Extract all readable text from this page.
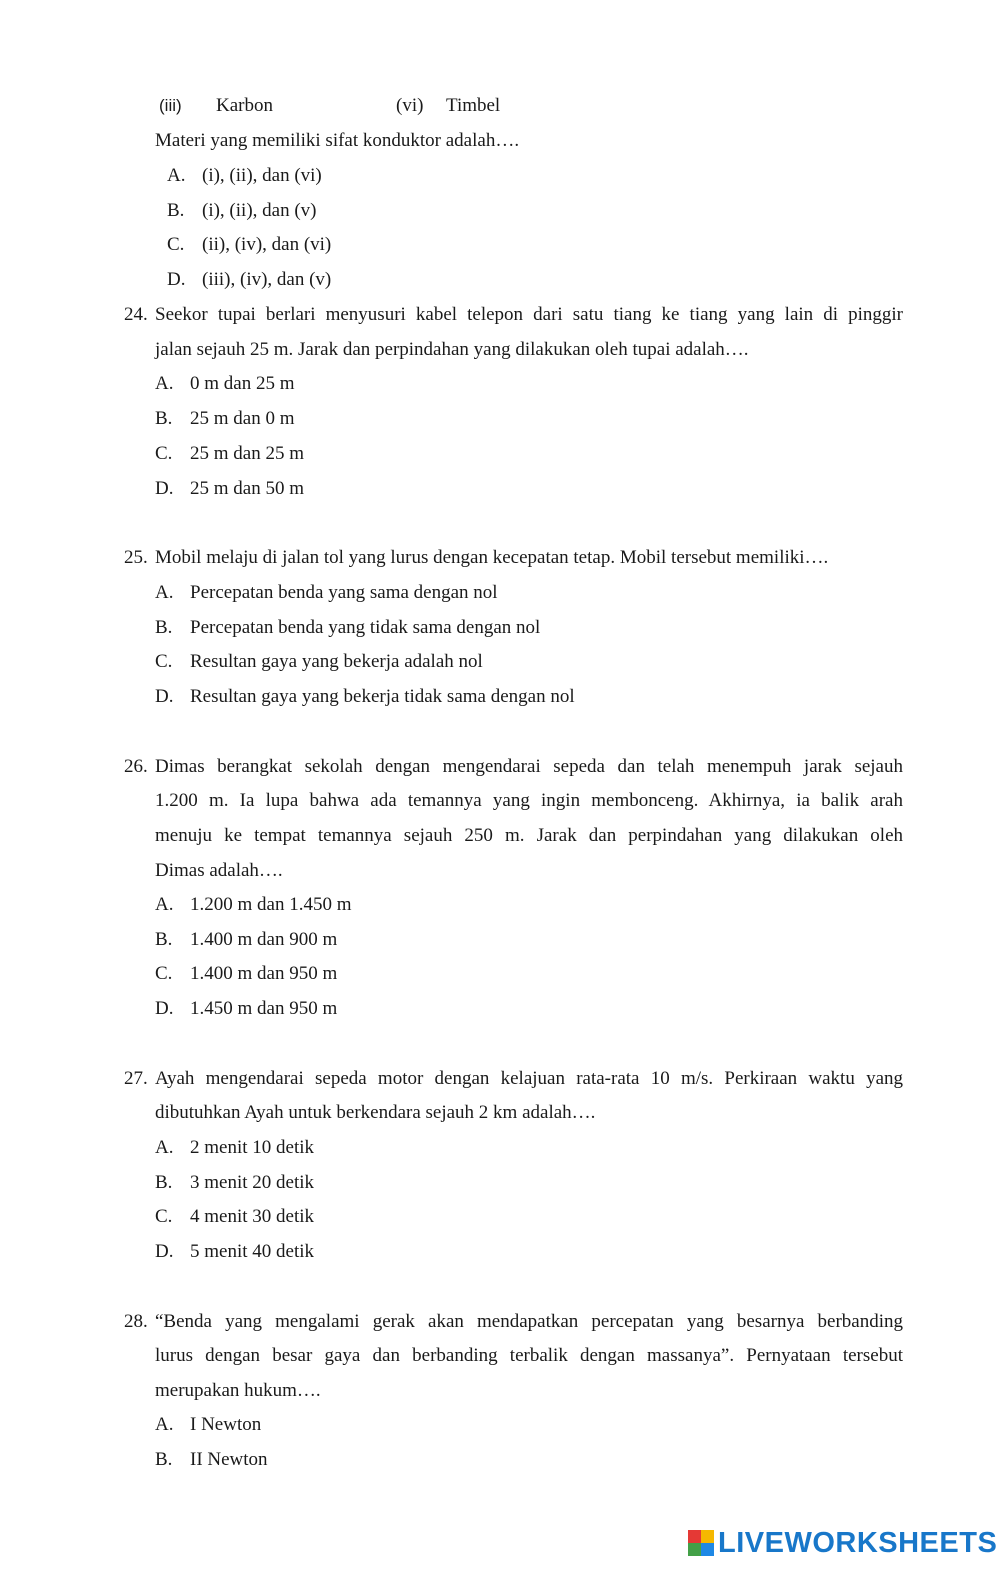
(iii) Karbon	(vi) Timbel
Materi yang memiliki sifat konduktor adalah….
A. (i), (ii), dan (vi)
B. (i), (ii), dan (v)
C. (ii), (iv), dan (vi)
D. (iii), (iv), dan (v)
24. Seekor tupai berlari menyusuri kabel telepon dari satu tiang ke tiang yang lain di pinggir
jalan sejauh 25 m. Jarak dan perpindahan yang dilakukan oleh tupai adalah….
A. 0 m dan 25 m
B. 25 m dan 0 m
C. 25 m dan 25 m
D. 25 m dan 50 m
25. Mobil melaju di jalan tol yang lurus dengan kecepatan tetap. Mobil tersebut memiliki….
A. Percepatan benda yang sama dengan nol
B. Percepatan benda yang tidak sama dengan nol
C. Resultan gaya yang bekerja adalah nol
D. Resultan gaya yang bekerja tidak sama dengan nol
26. Dimas berangkat sekolah dengan mengendarai sepeda dan telah menempuh jarak sejauh
1.200 m. Ia lupa bahwa ada temannya yang ingin membonceng. Akhirnya, ia balik arah
menuju ke tempat temannya sejauh 250 m. Jarak dan perpindahan yang dilakukan oleh
Dimas adalah….
A. 1.200 m dan 1.450 m
B. 1.400 m dan 900 m
C. 1.400 m dan 950 m
D. 1.450 m dan 950 m
27. Ayah mengendarai sepeda motor dengan kelajuan rata-rata 10 m/s. Perkiraan waktu yang
dibutuhkan Ayah untuk berkendara sejauh 2 km adalah….
A. 2 menit 10 detik
B. 3 menit 20 detik
C. 4 menit 30 detik
D. 5 menit 40 detik
28. “Benda yang mengalami gerak akan mendapatkan percepatan yang besarnya berbanding
lurus dengan besar gaya dan berbanding terbalik dengan massanya”. Pernyataan tersebut
merupakan hukum….
A. I Newton
B. II Newton
LIVEWORKSHEETS
